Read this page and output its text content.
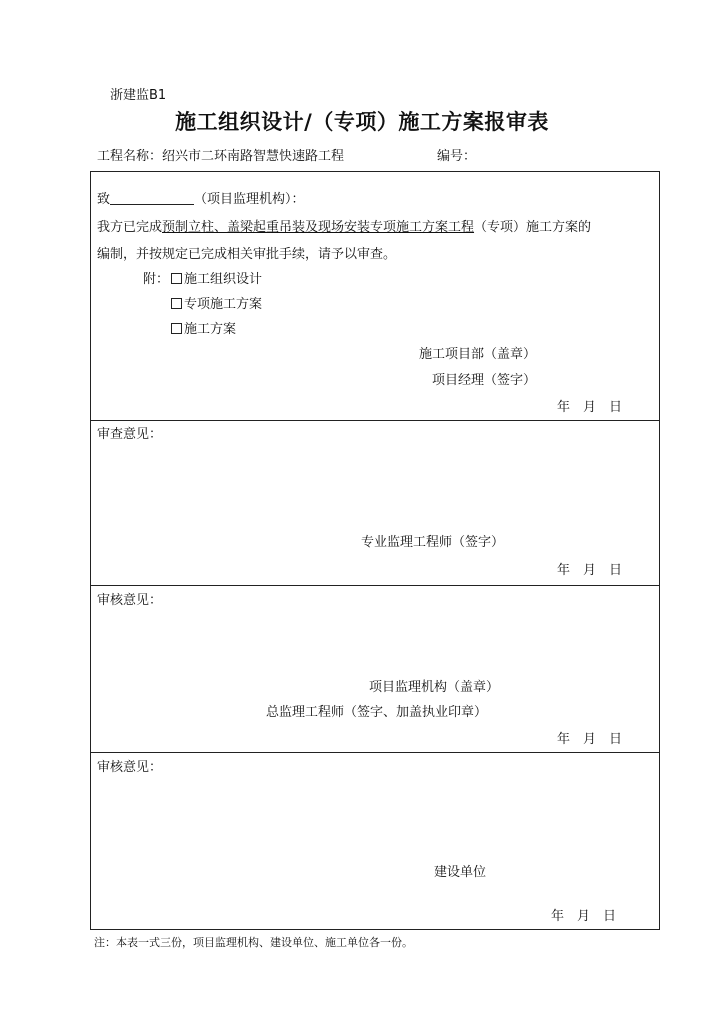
浙建监B1
施工组织设计/（专项）施工方案报审表
工程名称：绍兴市二环南路智慧快速路工程	编号：
致	（项目监理机构）：
我方已完成预制立柱、盖梁起重吊装及现场安装专项施工方案工程（专项）施工方案的
编制，并按规定已完成相关审批手续，请予以审查。
附：	施工组织设计
专项施工方案
施工方案
施工项目部（盖章）
项目经理（签字）
年　月　日
审查意见：
专业监理工程师（签字）
年　月　日
审核意见：
项目监理机构（盖章）
总监理工程师（签字、加盖执业印章）
年　月　日
审核意见：
建设单位
年　月　日
注：本表一式三份，项目监理机构、建设单位、施工单位各一份。
